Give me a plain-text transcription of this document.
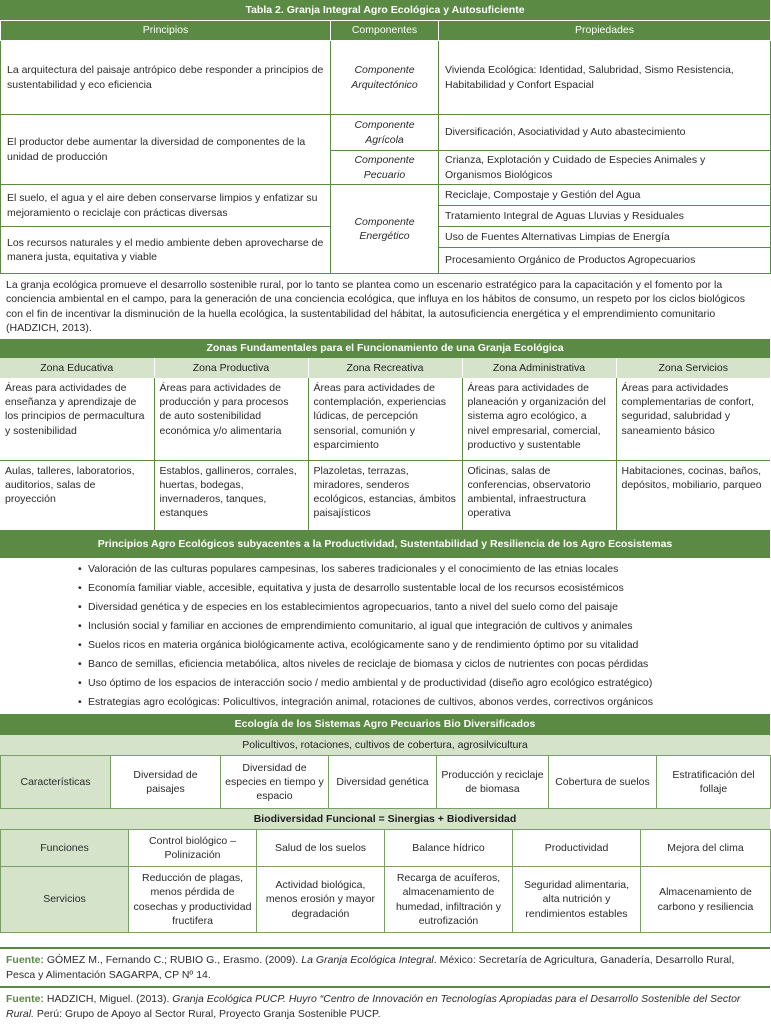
Tabla 2. Granja Integral Agro Ecológica y Autosuficiente
Principios	Componentes	Propiedades
La arquitectura del paisaje antrópico debe responder a principios de sustentabilidad y eco eficiencia	Componente Arquitectónico	Vivienda Ecológica: Identidad, Salubridad, Sismo Resistencia, Habitabilidad y Confort Espacial
El productor debe aumentar la diversidad de componentes de la unidad de producción	Componente Agrícola	Diversificación, Asociatividad y Auto abastecimiento
	Componente Pecuario	Crianza, Explotación y Cuidado de Especies Animales y Organismos Biológicos
El suelo, el agua y el aire deben conservarse limpios y enfatizar su mejoramiento o reciclaje con prácticas diversas	Componente Energético	Reciclaje, Compostaje y Gestión del Agua
		Tratamiento Integral de Aguas Lluvias y Residuales
Los recursos naturales y el medio ambiente deben aprovecharse de manera justa, equitativa y viable		Uso de Fuentes Alternativas Limpias de Energía
		Procesamiento Orgánico de Productos Agropecuarios
La granja ecológica promueve el desarrollo sostenible rural, por lo tanto se plantea como un escenario estratégico para la capacitación y el fomento por la conciencia ambiental en el campo, para la generación de una conciencia ecológica, que influya en los hábitos de consumo, un respeto por los ciclos biológicos con el fin de incentivar la disminución de la huella ecológica, la sustentabilidad del hábitat, la autosuficiencia energética y el emprendimiento comunitario (HADZICH, 2013).
Zonas Fundamentales para el Funcionamiento de una Granja Ecológica
Zona Educativa	Zona Productiva	Zona Recreativa	Zona Administrativa	Zona Servicios
Áreas para actividades de enseñanza y aprendizaje de los principios de permacultura y sostenibilidad	Áreas para actividades de producción y para procesos de auto sostenibilidad económica y/o alimentaria	Áreas para actividades de contemplación, experiencias lúdicas, de percepción sensorial, comunión y esparcimiento	Áreas para actividades de planeación y organización del sistema agro ecológico, a nivel empresarial, comercial, productivo y sustentable	Áreas para actividades complementarias de confort, seguridad, salubridad y saneamiento básico
Aulas, talleres, laboratorios, auditorios, salas de proyección	Establos, gallineros, corrales, huertas, bodegas, invernaderos, tanques, estanques	Plazoletas, terrazas, miradores, senderos ecológicos, estancias, ámbitos paisajísticos	Oficinas, salas de conferencias, observatorio ambiental, infraestructura operativa	Habitaciones, cocinas, baños, depósitos, mobiliario, parqueo
Principios Agro Ecológicos subyacentes a la Productividad, Sustentabilidad y Resiliencia de los Agro Ecosistemas
• Valoración de las culturas populares campesinas, los saberes tradicionales y el conocimiento de las etnias locales
• Economía familiar viable, accesible, equitativa y justa de desarrollo sustentable local de los recursos ecosistémicos
• Diversidad genética y de especies en los establecimientos agropecuarios, tanto a nivel del suelo como del paisaje
• Inclusión social y familiar en acciones de emprendimiento comunitario, al igual que integración de cultivos y animales
• Suelos ricos en materia orgánica biológicamente activa, ecológicamente sano y de rendimiento óptimo por su vitalidad
• Banco de semillas, eficiencia metabólica, altos niveles de reciclaje de biomasa y ciclos de nutrientes con pocas pérdidas
• Uso óptimo de los espacios de interacción socio / medio ambiental y de productividad (diseño agro ecológico estratégico)
• Estrategias agro ecológicas: Policultivos, integración animal, rotaciones de cultivos, abonos verdes, correctivos orgánicos
Ecología de los Sistemas Agro Pecuarios Bio Diversificados
Policultivos, rotaciones, cultivos de cobertura, agrosilvicultura
Características	Diversidad de paisajes	Diversidad de especies en tiempo y espacio	Diversidad genética	Producción y reciclaje de biomasa	Cobertura de suelos	Estratificación del follaje
Biodiversidad Funcional = Sinergias + Biodiversidad
Funciones	Control biológico – Polinización	Salud de los suelos	Balance hídrico	Productividad	Mejora del clima
Servicios	Reducción de plagas, menos pérdida de cosechas y productividad fructifera	Actividad biológica, menos erosión y mayor degradación	Recarga de acuíferos, almacenamiento de humedad, infiltración y eutrofización	Seguridad alimentaria, alta nutrición y rendimientos estables	Almacenamiento de carbono y resiliencia
Fuente: GÓMEZ M., Fernando C.; RUBIO G., Erasmo. (2009). La Granja Ecológica Integral. México: Secretaría de Agricultura, Ganadería, Desarrollo Rural, Pesca y Alimentación SAGARPA, CP Nº 14.
Fuente: HADZICH, Miguel. (2013). Granja Ecológica PUCP. Huyro “Centro de Innovación en Tecnologías Apropiadas para el Desarrollo Sostenible del Sector Rural. Perú: Grupo de Apoyo al Sector Rural, Proyecto Granja Sostenible PUCP.
